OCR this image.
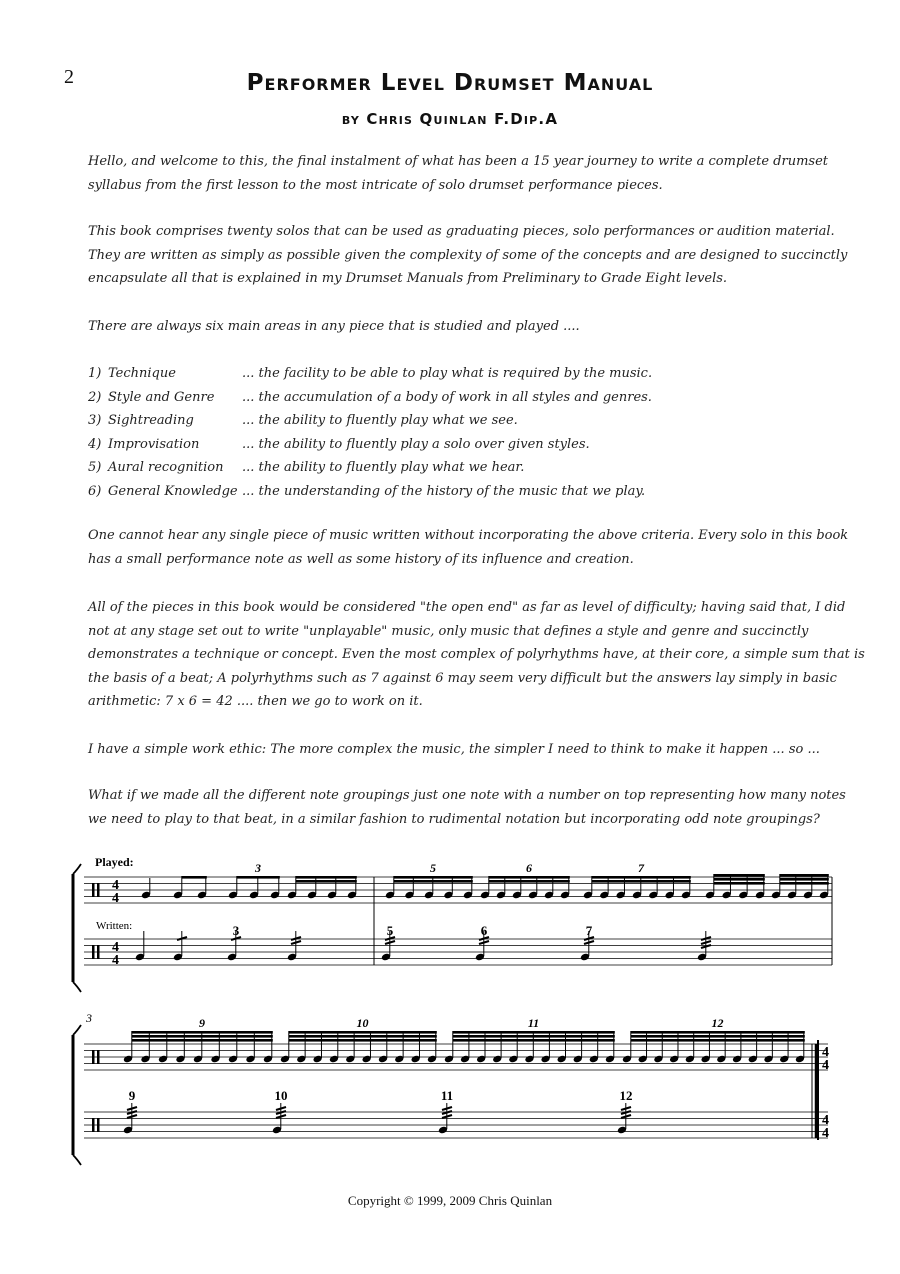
2	Performer Level Drumset Manual
by Chris Quinlan F.Dip.A

Hello, and welcome to this, the final instalment of what has been a 15 year journey to write a complete drumset syllabus from the first lesson to the most intricate of solo drumset performance pieces.

This book comprises twenty solos that can be used as graduating pieces, solo performances or audition material. They are written as simply as possible given the complexity of some of the concepts and are designed to succinctly encapsulate all that is explained in my Drumset Manuals from Preliminary to Grade Eight levels.

There are always six main areas in any piece that is studied and played ....

1) Technique	... the facility to be able to play what is required by the music.
2) Style and Genre	... the accumulation of a body of work in all styles and genres.
3) Sightreading	... the ability to fluently play what we see.
4) Improvisation	... the ability to fluently play a solo over given styles.
5) Aural recognition	... the ability to fluently play what we hear.
6) General Knowledge ... the understanding of the history of the music that we play.

One cannot hear any single piece of music written without incorporating the above criteria. Every solo in this book has a small performance note as well as some history of its influence and creation.

All of the pieces in this book would be considered "the open end" as far as level of difficulty; having said that, I did not at any stage set out to write "unplayable" music, only music that defines a style and genre and succinctly demonstrates a technique or concept. Even the most complex of polyrhythms have, at their core, a simple sum that is the basis of a beat; A polyrhythms such as 7 against 6 may seem very difficult but the answers lay simply in basic arithmetic: 7 x 6 = 42 .... then we go to work on it.

I have a simple work ethic: The more complex the music, the simpler I need to think to make it happen ... so ...

What if we made all the different note groupings just one note with a number on top representing how many notes we need to play to that beat, in a similar fashion to rudimental notation but incorporating odd note groupings?

Played:
Written:
3
4
4
4
4
3	5	6	7
3	5	6	7
4
4
4
4
9	10	11	12
9	10	11	12
Copyright © 1999, 2009 Chris Quinlan
